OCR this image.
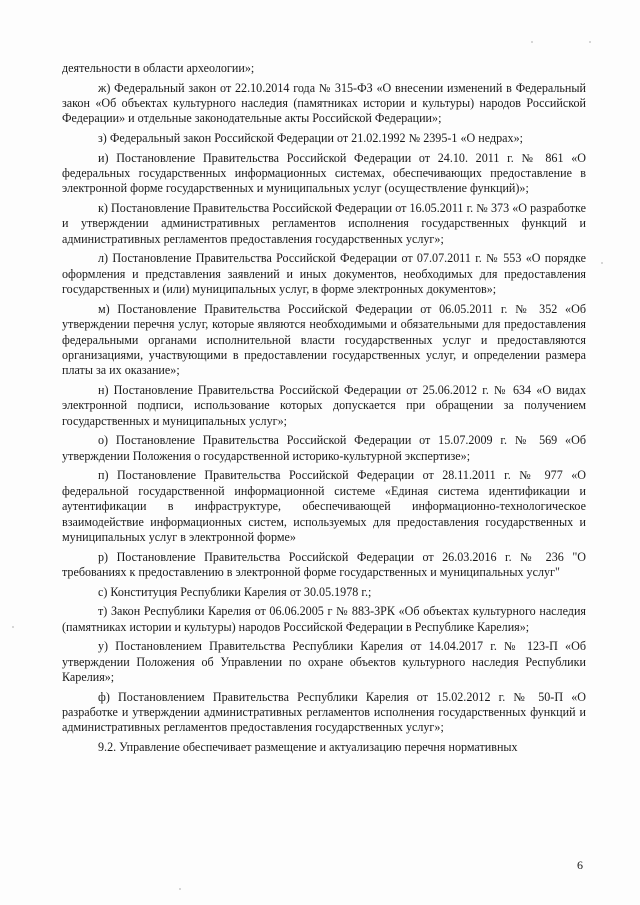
деятельности в области археологии»;

ж) Федеральный закон от 22.10.2014 года № 315-ФЗ «О внесении изменений в Федеральный закон «Об объектах культурного наследия (памятниках истории и культуры) народов Российской Федерации» и отдельные законодательные акты Российской Федерации»;

з) Федеральный закон Российской Федерации от 21.02.1992 № 2395-1 «О недрах»;

и) Постановление Правительства Российской Федерации от 24.10. 2011 г. № 861 «О федеральных государственных информационных системах, обеспечивающих предоставление в электронной форме государственных и муниципальных услуг (осуществление функций)»;

к) Постановление Правительства Российской Федерации от 16.05.2011 г. № 373 «О разработке и утверждении административных регламентов исполнения государственных функций и административных регламентов предоставления государственных услуг»;

л) Постановление Правительства Российской Федерации от 07.07.2011 г. № 553 «О порядке оформления и представления заявлений и иных документов, необходимых для предоставления государственных и (или) муниципальных услуг, в форме электронных документов»;

м) Постановление Правительства Российской Федерации от 06.05.2011 г. № 352 «Об утверждении перечня услуг, которые являются необходимыми и обязательными для предоставления федеральными органами исполнительной власти государственных услуг и предоставляются организациями, участвующими в предоставлении государственных услуг, и определении размера платы за их оказание»;

н) Постановление Правительства Российской Федерации от 25.06.2012 г. № 634 «О видах электронной подписи, использование которых допускается при обращении за получением государственных и муниципальных услуг»;

о) Постановление Правительства Российской Федерации от 15.07.2009 г. № 569 «Об утверждении Положения о государственной историко-культурной экспертизе»;

п) Постановление Правительства Российской Федерации от 28.11.2011 г. № 977 «О федеральной государственной информационной системе «Единая система идентификации и аутентификации в инфраструктуре, обеспечивающей информационно-технологическое взаимодействие информационных систем, используемых для предоставления государственных и муниципальных услуг в электронной форме»

р) Постановление Правительства Российской Федерации от 26.03.2016 г. № 236 "О требованиях к предоставлению в электронной форме государственных и муниципальных услуг"

с) Конституция Республики Карелия от 30.05.1978 г.;

т) Закон Республики Карелия от 06.06.2005 г № 883-ЗРК «Об объектах культурного наследия (памятниках истории и культуры) народов Российской Федерации в Республике Карелия»;

у) Постановлением Правительства Республики Карелия от 14.04.2017 г. № 123-П «Об утверждении Положения об Управлении по охране объектов культурного наследия Республики Карелия»;

ф) Постановлением Правительства Республики Карелия от 15.02.2012 г. № 50-П «О разработке и утверждении административных регламентов исполнения государственных функций и административных регламентов предоставления государственных услуг»;

9.2. Управление обеспечивает размещение и актуализацию перечня нормативных

6
